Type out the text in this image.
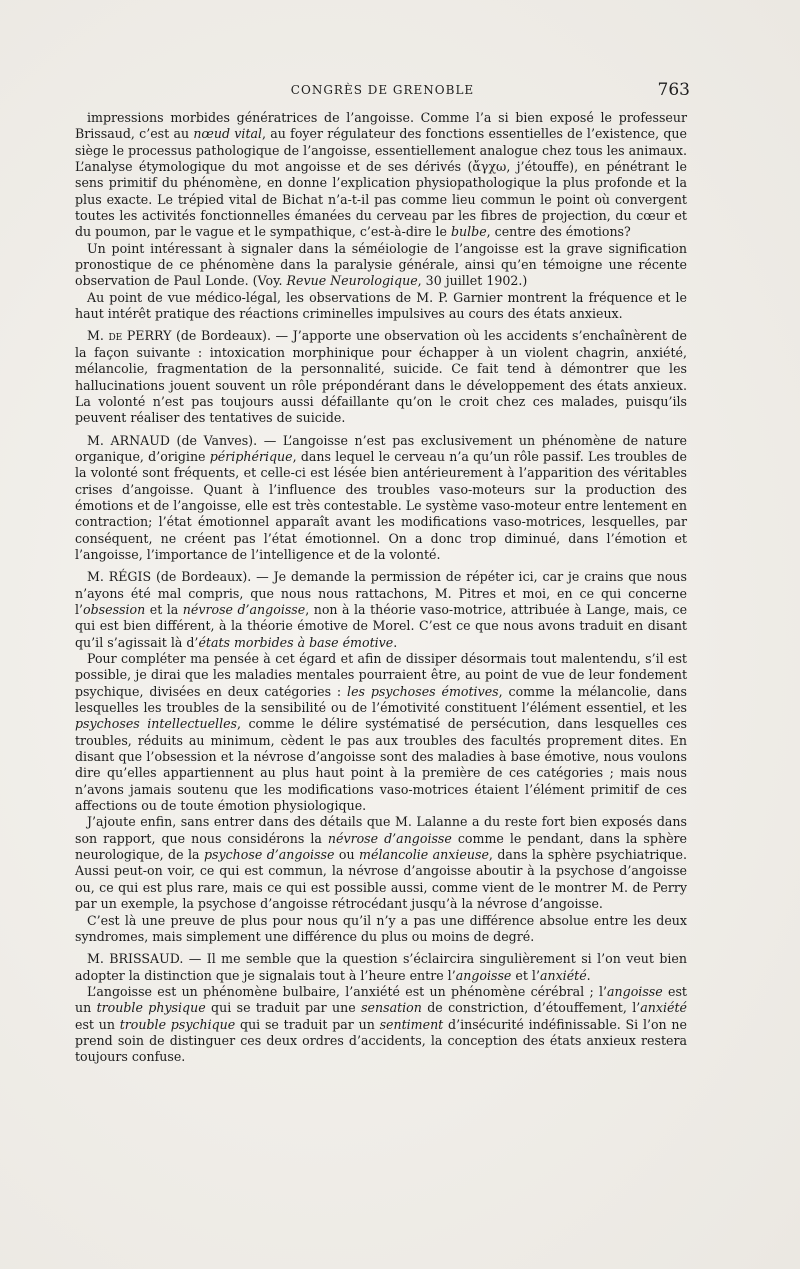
CONGRÈS DE GRENOBLE	763

impressions morbides génératrices de l’angoisse. Comme l’a si bien exposé le professeur Brissaud, c’est au nœud vital, au foyer régulateur des fonctions essentielles de l’existence, que siège le processus pathologique de l’angoisse, essentiellement analogue chez tous les animaux. L’analyse étymologique du mot angoisse et de ses dérivés (ἄγχω, j’étouffe), en pénétrant le sens primitif du phénomène, en donne l’explication physiopathologique la plus profonde et la plus exacte. Le trépied vital de Bichat n’a-t-il pas comme lieu commun le point où convergent toutes les activités fonctionnelles émanées du cerveau par les fibres de projection, du cœur et du poumon, par le vague et le sympathique, c’est-à-dire le bulbe, centre des émotions?

Un point intéressant à signaler dans la séméiologie de l’angoisse est la grave signification pronostique de ce phénomène dans la paralysie générale, ainsi qu’en témoigne une récente observation de Paul Londe. (Voy. Revue Neurologique, 30 juillet 1902.)

Au point de vue médico-légal, les observations de M. P. Garnier montrent la fréquence et le haut intérêt pratique des réactions criminelles impulsives au cours des états anxieux.

M. de PERRY (de Bordeaux). — J’apporte une observation où les accidents s’enchaînèrent de la façon suivante : intoxication morphinique pour échapper à un violent chagrin, anxiété, mélancolie, fragmentation de la personnalité, suicide. Ce fait tend à démontrer que les hallucinations jouent souvent un rôle prépondérant dans le développement des états anxieux. La volonté n’est pas toujours aussi défaillante qu’on le croit chez ces malades, puisqu’ils peuvent réaliser des tentatives de suicide.

M. ARNAUD (de Vanves). — L’angoisse n’est pas exclusivement un phénomène de nature organique, d’origine périphérique, dans lequel le cerveau n’a qu’un rôle passif. Les troubles de la volonté sont fréquents, et celle-ci est lésée bien antérieurement à l’apparition des véritables crises d’angoisse. Quant à l’influence des troubles vaso-moteurs sur la production des émotions et de l’angoisse, elle est très contestable. Le système vaso-moteur entre lentement en contraction; l’état émotionnel apparaît avant les modifications vaso-motrices, lesquelles, par conséquent, ne créent pas l’état émotionnel. On a donc trop diminué, dans l’émotion et l’angoisse, l’importance de l’intelligence et de la volonté.

M. RÉGIS (de Bordeaux). — Je demande la permission de répéter ici, car je crains que nous n’ayons été mal compris, que nous nous rattachons, M. Pitres et moi, en ce qui concerne l’obsession et la névrose d’angoisse, non à la théorie vaso-motrice, attribuée à Lange, mais, ce qui est bien différent, à la théorie émotive de Morel. C’est ce que nous avons traduit en disant qu’il s’agissait là d’états morbides à base émotive.

Pour compléter ma pensée à cet égard et afin de dissiper désormais tout malentendu, s’il est possible, je dirai que les maladies mentales pourraient être, au point de vue de leur fondement psychique, divisées en deux catégories : les psychoses émotives, comme la mélancolie, dans lesquelles les troubles de la sensibilité ou de l’émotivité constituent l’élément essentiel, et les psychoses intellectuelles, comme le délire systématisé de persécution, dans lesquelles ces troubles, réduits au minimum, cèdent le pas aux troubles des facultés proprement dites. En disant que l’obsession et la névrose d’angoisse sont des maladies à base émotive, nous voulons dire qu’elles appartiennent au plus haut point à la première de ces catégories ; mais nous n’avons jamais soutenu que les modifications vaso-motrices étaient l’élément primitif de ces affections ou de toute émotion physiologique.

J’ajoute enfin, sans entrer dans des détails que M. Lalanne a du reste fort bien exposés dans son rapport, que nous considérons la névrose d’angoisse comme le pendant, dans la sphère neurologique, de la psychose d’angoisse ou mélancolie anxieuse, dans la sphère psychiatrique. Aussi peut-on voir, ce qui est commun, la névrose d’angoisse aboutir à la psychose d’angoisse ou, ce qui est plus rare, mais ce qui est possible aussi, comme vient de le montrer M. de Perry par un exemple, la psychose d’angoisse rétrocédant jusqu’à la névrose d’angoisse.

C’est là une preuve de plus pour nous qu’il n’y a pas une différence absolue entre les deux syndromes, mais simplement une différence du plus ou moins de degré.

M. BRISSAUD. — Il me semble que la question s’éclaircira singulièrement si l’on veut bien adopter la distinction que je signalais tout à l’heure entre l’angoisse et l’anxiété.

L’angoisse est un phénomène bulbaire, l’anxiété est un phénomène cérébral ; l’angoisse est un trouble physique qui se traduit par une sensation de constriction, d’étouffement, l’anxiété est un trouble psychique qui se traduit par un sentiment d’insécurité indéfinissable. Si l’on ne prend soin de distinguer ces deux ordres d’accidents, la conception des états anxieux restera toujours confuse.
